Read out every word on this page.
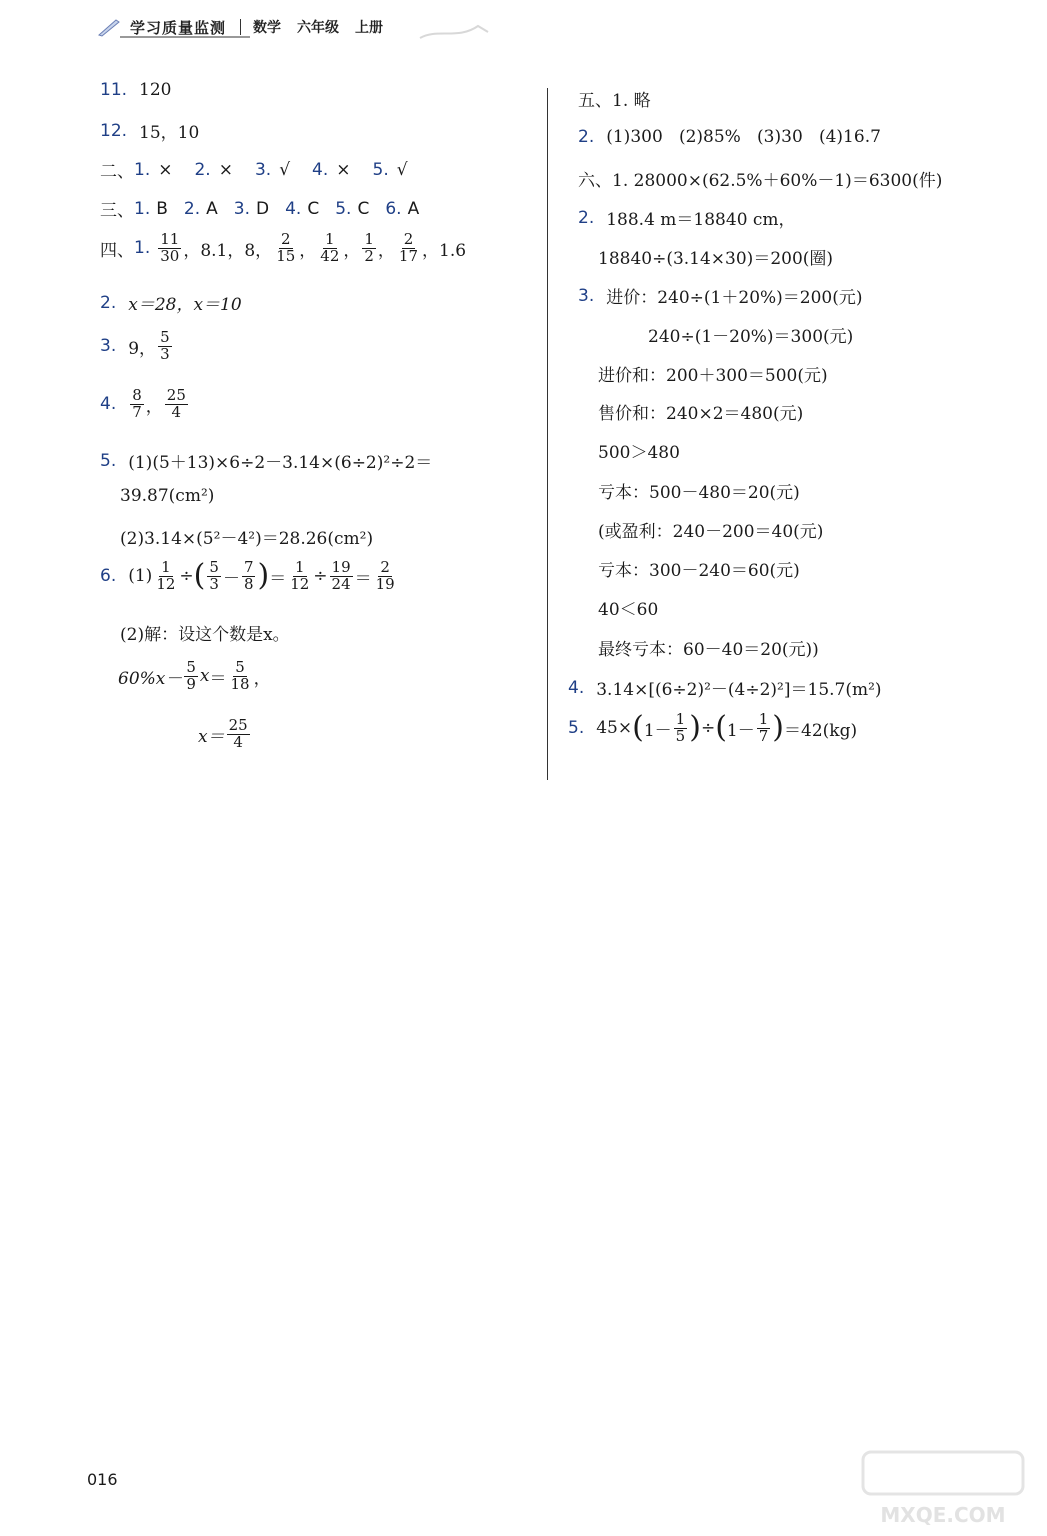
学习质量监测 数学 六年级 上册
11. 120
12. 15，10
二、 1. × 2. × 3. √ 4. × 5. √
三、 1. B 2. A 3. D 4. C 5. C 6. A
四、 1. $\frac{11}{30}$ ，8.1，8， $\frac{2}{15}$ ， $\frac{1}{42}$ ， $\frac{1}{2}$ ， $\frac{2}{17}$ ，1.6
2. x＝28，x＝10
3. 9， $\frac{5}{3}$
4. $\frac{8}{7}$ ， $\frac{25}{4}$
5. (1)(5＋13)×6÷2－3.14×(6÷2)²÷2＝
39.87(cm²)
(2)3.14×(5²－4²)＝28.26(cm²)
6. $(1) \frac{1}{12}$ ÷ ( $\frac{5}{3} - \frac{7}{8}$ ) ＝ $\frac{1}{12} \div \frac{19}{24} = \frac{2}{19}$
(2)解：设这个数是x。
$60\%x- \frac{5}{9}$ $x = \frac{5}{18}$ ，
$x= \frac{25}{4}$
五、1. 略
2. (1)300   (2)85%   (3)30   (4)16.7
六、1. 28000×(62.5%＋60%－1)＝6300(件)
2. 188.4 m＝18840 cm，
18840÷(3.14×30)＝200(圈)
3. 进价：240÷(1＋20%)＝200(元)
240÷(1－20%)＝300(元)
进价和：200＋300＝500(元)
售价和：240×2＝480(元)
500＞480
亏本：500－480＝20(元)
(或盈利：240－200＝40(元)
亏本：300－240＝60(元)
40＜60
最终亏本：60－40＝20(元))
4. 3.14×[(6÷2)²－(4÷2)²]＝15.7(m²)
5. 45× ( $1- \frac{1}{5}$ ) ÷ ( $1- \frac{1}{7}$ ) ＝42(kg)
016
MXQE.COM
